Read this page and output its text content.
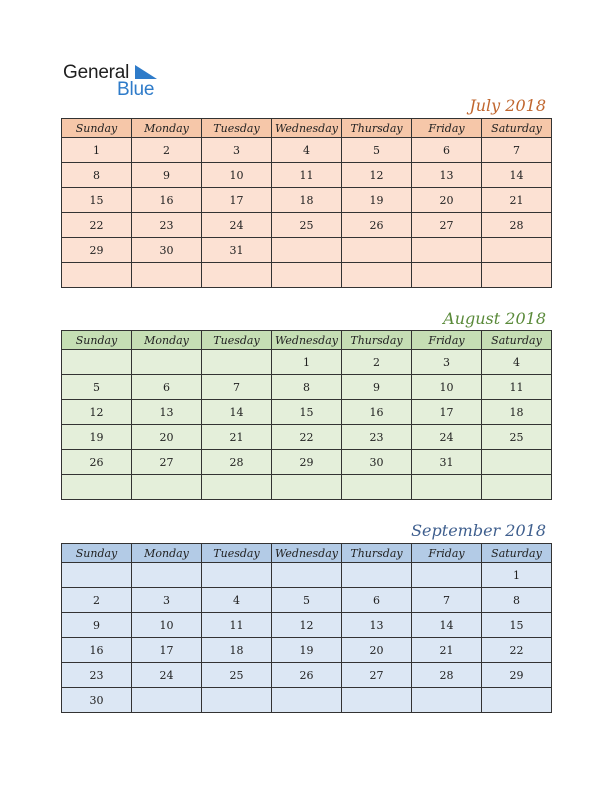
General
Blue
July 2018
Sunday	Monday	Tuesday	Wednesday	Thursday	Friday	Saturday
1	2	3	4	5	6	7
8	9	10	11	12	13	14
15	16	17	18	19	20	21
22	23	24	25	26	27	28
29	30	31				

August 2018
Sunday	Monday	Tuesday	Wednesday	Thursday	Friday	Saturday
			1	2	3	4
5	6	7	8	9	10	11
12	13	14	15	16	17	18
19	20	21	22	23	24	25
26	27	28	29	30	31	

September 2018
Sunday	Monday	Tuesday	Wednesday	Thursday	Friday	Saturday
						1
2	3	4	5	6	7	8
9	10	11	12	13	14	15
16	17	18	19	20	21	22
23	24	25	26	27	28	29
30						
